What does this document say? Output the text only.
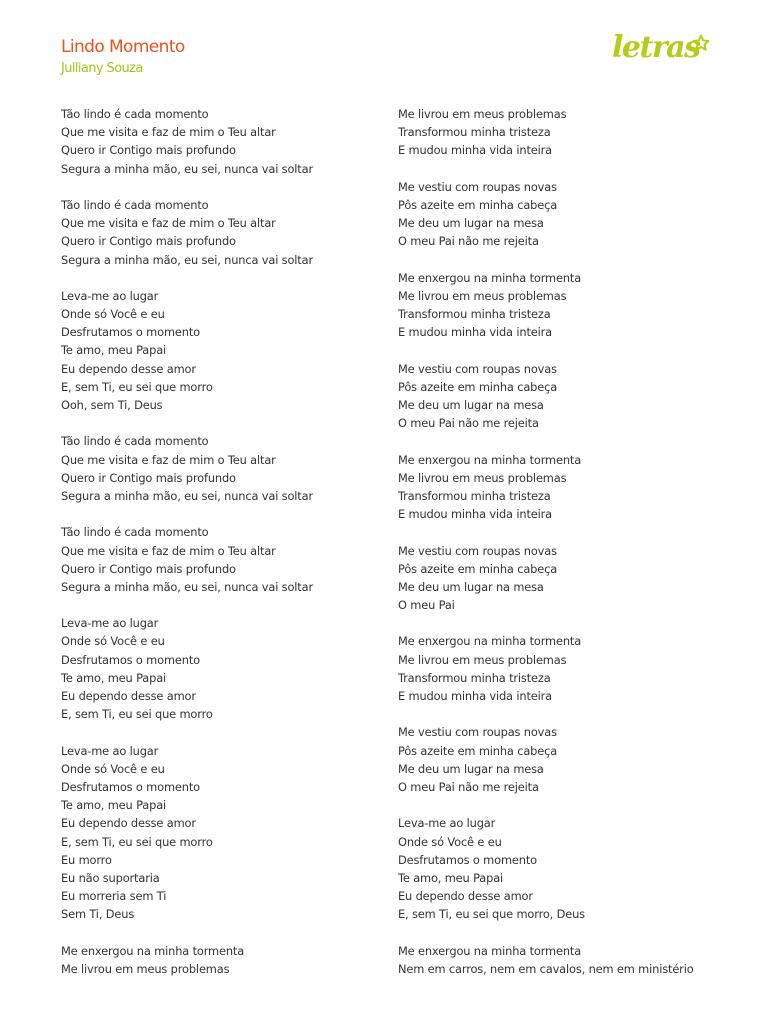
Lindo Momento
Julliany Souza
letras
Tão lindo é cada momento
Que me visita e faz de mim o Teu altar
Quero ir Contigo mais profundo
Segura a minha mão, eu sei, nunca vai soltar
Tão lindo é cada momento
Que me visita e faz de mim o Teu altar
Quero ir Contigo mais profundo
Segura a minha mão, eu sei, nunca vai soltar
Leva-me ao lugar
Onde só Você e eu
Desfrutamos o momento
Te amo, meu Papai
Eu dependo desse amor
E, sem Ti, eu sei que morro
Ooh, sem Ti, Deus
Tão lindo é cada momento
Que me visita e faz de mim o Teu altar
Quero ir Contigo mais profundo
Segura a minha mão, eu sei, nunca vai soltar
Tão lindo é cada momento
Que me visita e faz de mim o Teu altar
Quero ir Contigo mais profundo
Segura a minha mão, eu sei, nunca vai soltar
Leva-me ao lugar
Onde só Você e eu
Desfrutamos o momento
Te amo, meu Papai
Eu dependo desse amor
E, sem Ti, eu sei que morro
Leva-me ao lugar
Onde só Você e eu
Desfrutamos o momento
Te amo, meu Papai
Eu dependo desse amor
E, sem Ti, eu sei que morro
Eu morro
Eu não suportaria
Eu morreria sem Ti
Sem Ti, Deus
Me enxergou na minha tormenta
Me livrou em meus problemas
Me livrou em meus problemas
Transformou minha tristeza
E mudou minha vida inteira
Me vestiu com roupas novas
Pôs azeite em minha cabeça
Me deu um lugar na mesa
O meu Pai não me rejeita
Me enxergou na minha tormenta
Me livrou em meus problemas
Transformou minha tristeza
E mudou minha vida inteira
Me vestiu com roupas novas
Pôs azeite em minha cabeça
Me deu um lugar na mesa
O meu Pai não me rejeita
Me enxergou na minha tormenta
Me livrou em meus problemas
Transformou minha tristeza
E mudou minha vida inteira
Me vestiu com roupas novas
Pôs azeite em minha cabeça
Me deu um lugar na mesa
O meu Pai
Me enxergou na minha tormenta
Me livrou em meus problemas
Transformou minha tristeza
E mudou minha vida inteira
Me vestiu com roupas novas
Pôs azeite em minha cabeça
Me deu um lugar na mesa
O meu Pai não me rejeita
Leva-me ao lugar
Onde só Você e eu
Desfrutamos o momento
Te amo, meu Papai
Eu dependo desse amor
E, sem Ti, eu sei que morro, Deus
Me enxergou na minha tormenta
Nem em carros, nem em cavalos, nem em ministério
